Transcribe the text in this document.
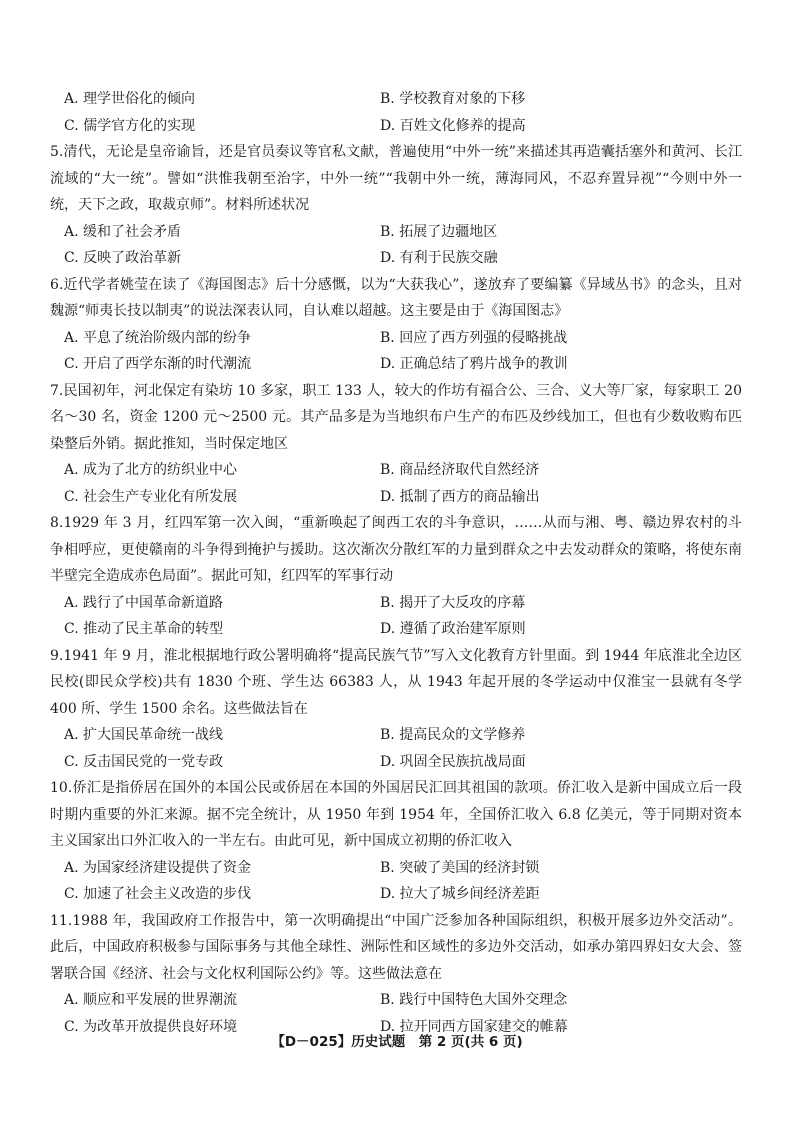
A. 理学世俗化的倾向	B. 学校教育对象的下移
C. 儒学官方化的实现	D. 百姓文化修养的提高
5.清代，无论是皇帝谕旨，还是官员奏议等官私文献，普遍使用“中外一统”来描述其再造囊括塞外和黄河、长江流域的“大一统”。譬如“洪惟我朝至治字，中外一统”“我朝中外一统，薄海同风，不忍弃置异视”“今则中外一统，天下之政，取裁京师”。材料所述状况
A. 缓和了社会矛盾	B. 拓展了边疆地区
C. 反映了政治革新	D. 有利于民族交融
6.近代学者姚莹在读了《海国图志》后十分感慨，以为“大获我心”，遂放弃了要编纂《异域丛书》的念头，且对魏源“师夷长技以制夷”的说法深表认同，自认难以超越。这主要是由于《海国图志》
A. 平息了统治阶级内部的纷争	B. 回应了西方列强的侵略挑战
C. 开启了西学东渐的时代潮流	D. 正确总结了鸦片战争的教训
7.民国初年，河北保定有染坊 10 多家，职工 133 人，较大的作坊有福合公、三合、义大等厂家，每家职工 20 名～30 名，资金 1200 元～2500 元。其产品多是为当地织布户生产的布匹及纱线加工，但也有少数收购布匹染整后外销。据此推知，当时保定地区
A. 成为了北方的纺织业中心	B. 商品经济取代自然经济
C. 社会生产专业化有所发展	D. 抵制了西方的商品输出
8.1929 年 3 月，红四军第一次入闽，“重新唤起了闽西工农的斗争意识，……从而与湘、粤、赣边界农村的斗争相呼应，更使赣南的斗争得到掩护与援助。这次渐次分散红军的力量到群众之中去发动群众的策略，将使东南半壁完全造成赤色局面”。据此可知，红四军的军事行动
A. 践行了中国革命新道路	B. 揭开了大反攻的序幕
C. 推动了民主革命的转型	D. 遵循了政治建军原则
9.1941 年 9 月，淮北根据地行政公署明确将“提高民族气节”写入文化教育方针里面。到 1944 年底淮北全边区民校(即民众学校)共有 1830 个班、学生达 66383 人，从 1943 年起开展的冬学运动中仅淮宝一县就有冬学 400 所、学生 1500 余名。这些做法旨在
A. 扩大国民革命统一战线	B. 提高民众的文学修养
C. 反击国民党的一党专政	D. 巩固全民族抗战局面
10.侨汇是指侨居在国外的本国公民或侨居在本国的外国居民汇回其祖国的款项。侨汇收入是新中国成立后一段时期内重要的外汇来源。据不完全统计，从 1950 年到 1954 年，全国侨汇收入 6.8 亿美元，等于同期对资本主义国家出口外汇收入的一半左右。由此可见，新中国成立初期的侨汇收入
A. 为国家经济建设提供了资金	B. 突破了美国的经济封锁
C. 加速了社会主义改造的步伐	D. 拉大了城乡间经济差距
11.1988 年，我国政府工作报告中，第一次明确提出“中国广泛参加各种国际组织，积极开展多边外交活动”。此后，中国政府积极参与国际事务与其他全球性、洲际性和区域性的多边外交活动，如承办第四界妇女大会、签署联合国《经济、社会与文化权利国际公约》等。这些做法意在
A. 顺应和平发展的世界潮流	B. 践行中国特色大国外交理念
C. 为改革开放提供良好环境	D. 拉开同西方国家建交的帷幕
【D－025】历史试题　第 2 页(共 6 页)
